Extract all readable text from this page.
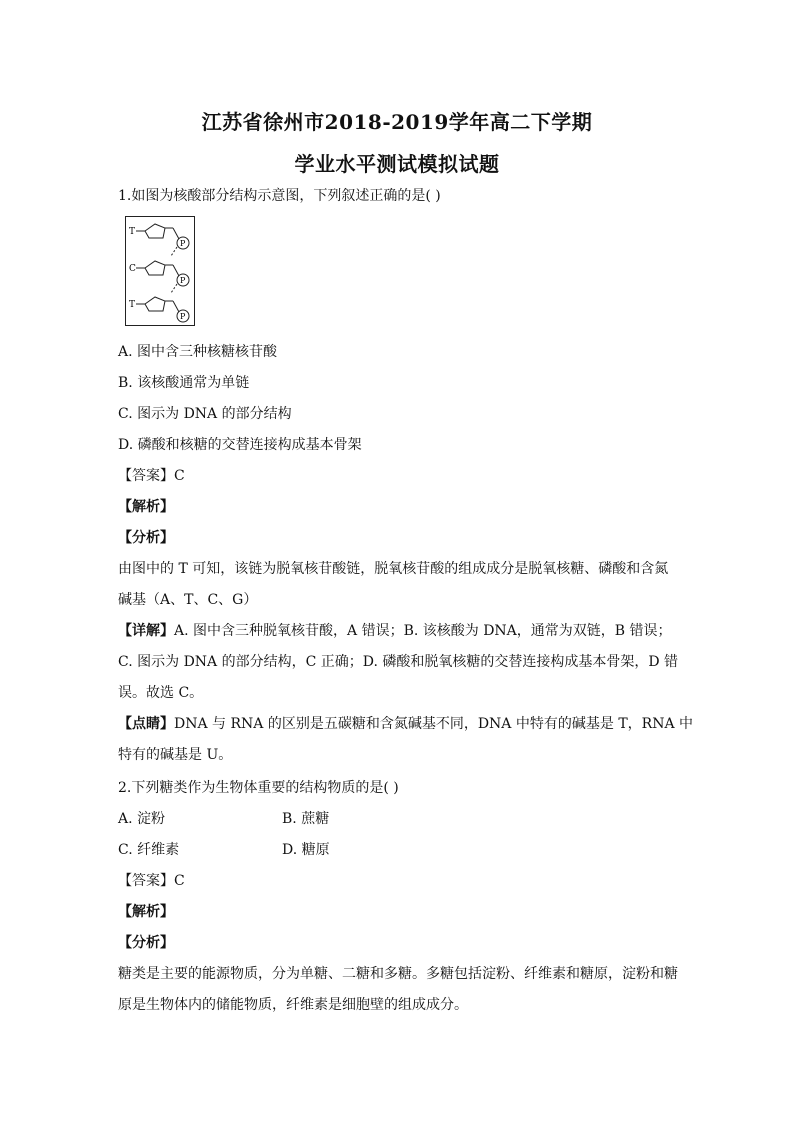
江苏省徐州市2018-2019学年高二下学期
学业水平测试模拟试题
1.如图为核酸部分结构示意图，下列叙述正确的是( )
T
P
C
P
T
P
A. 图中含三种核糖核苷酸
B. 该核酸通常为单链
C. 图示为 DNA 的部分结构
D. 磷酸和核糖的交替连接构成基本骨架
【答案】C
【解析】
【分析】
由图中的 T 可知，该链为脱氧核苷酸链，脱氧核苷酸的组成成分是脱氧核糖、磷酸和含氮
碱基（A、T、C、G）
【详解】A. 图中含三种脱氧核苷酸，A 错误；B. 该核酸为 DNA，通常为双链，B 错误；
C. 图示为 DNA 的部分结构，C 正确；D. 磷酸和脱氧核糖的交替连接构成基本骨架，D 错
误。故选 C。
【点睛】DNA 与 RNA 的区别是五碳糖和含氮碱基不同，DNA 中特有的碱基是 T，RNA 中
特有的碱基是 U。
2.下列糖类作为生物体重要的结构物质的是( )
A. 淀粉	B. 蔗糖
C. 纤维素	D. 糖原
【答案】C
【解析】
【分析】
糖类是主要的能源物质，分为单糖、二糖和多糖。多糖包括淀粉、纤维素和糖原，淀粉和糖
原是生物体内的储能物质，纤维素是细胞壁的组成成分。
